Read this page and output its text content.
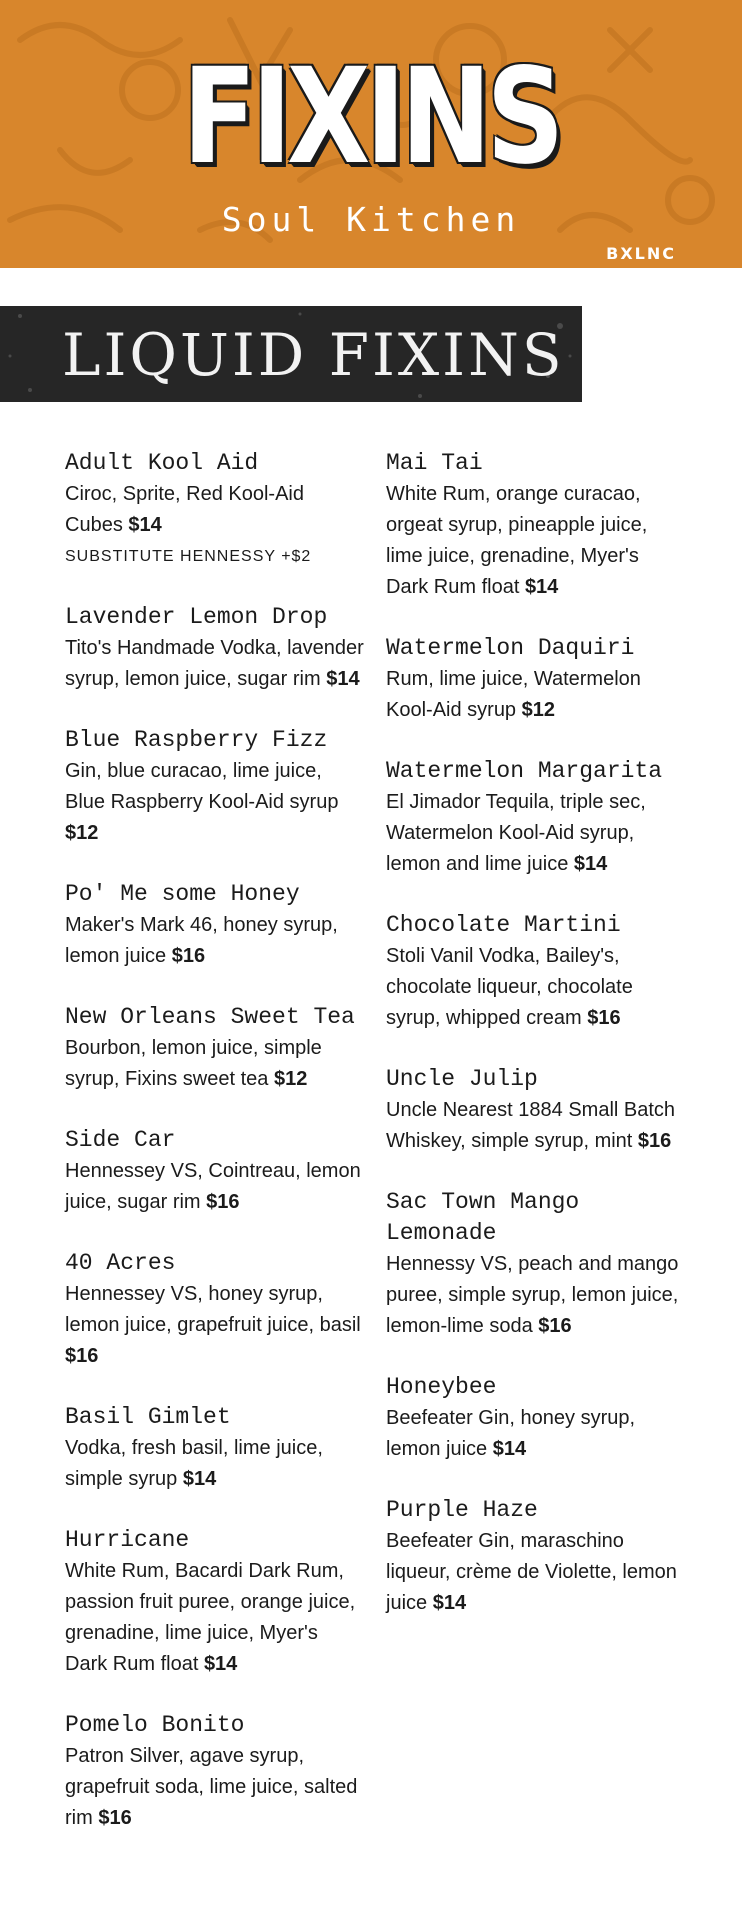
FIXINS
Soul Kitchen
BXLNC
LIQUID FIXINS
Adult Kool Aid
Ciroc, Sprite, Red Kool-Aid Cubes $14
SUBSTITUTE HENNESSY +$2
Lavender Lemon Drop
Tito's Handmade Vodka, lavender syrup, lemon juice, sugar rim $14
Blue Raspberry Fizz
Gin, blue curacao, lime juice, Blue Raspberry Kool-Aid syrup $12
Po' Me some Honey
Maker's Mark 46, honey syrup, lemon juice $16
New Orleans Sweet Tea
Bourbon, lemon juice, simple syrup, Fixins sweet tea $12
Side Car
Hennessey VS, Cointreau, lemon juice, sugar rim $16
40 Acres
Hennessey VS, honey syrup, lemon juice, grapefruit juice, basil $16
Basil Gimlet
Vodka, fresh basil, lime juice, simple syrup $14
Hurricane
White Rum, Bacardi Dark Rum, passion fruit puree, orange juice, grenadine, lime juice, Myer's Dark Rum float $14
Pomelo Bonito
Patron Silver, agave syrup, grapefruit soda, lime juice, salted rim $16
Mai Tai
White Rum, orange curacao, orgeat syrup, pineapple juice, lime juice, grenadine, Myer's Dark Rum float $14
Watermelon Daquiri
Rum, lime juice, Watermelon Kool-Aid syrup $12
Watermelon Margarita
El Jimador Tequila, triple sec, Watermelon Kool-Aid syrup, lemon and lime juice $14
Chocolate Martini
Stoli Vanil Vodka, Bailey's, chocolate liqueur, chocolate syrup, whipped cream $16
Uncle Julip
Uncle Nearest 1884 Small Batch Whiskey, simple syrup, mint $16
Sac Town Mango Lemonade
Hennessy VS, peach and mango puree, simple syrup, lemon juice, lemon-lime soda $16
Honeybee
Beefeater Gin, honey syrup, lemon juice $14
Purple Haze
Beefeater Gin, maraschino liqueur, crème de Violette, lemon juice $14
